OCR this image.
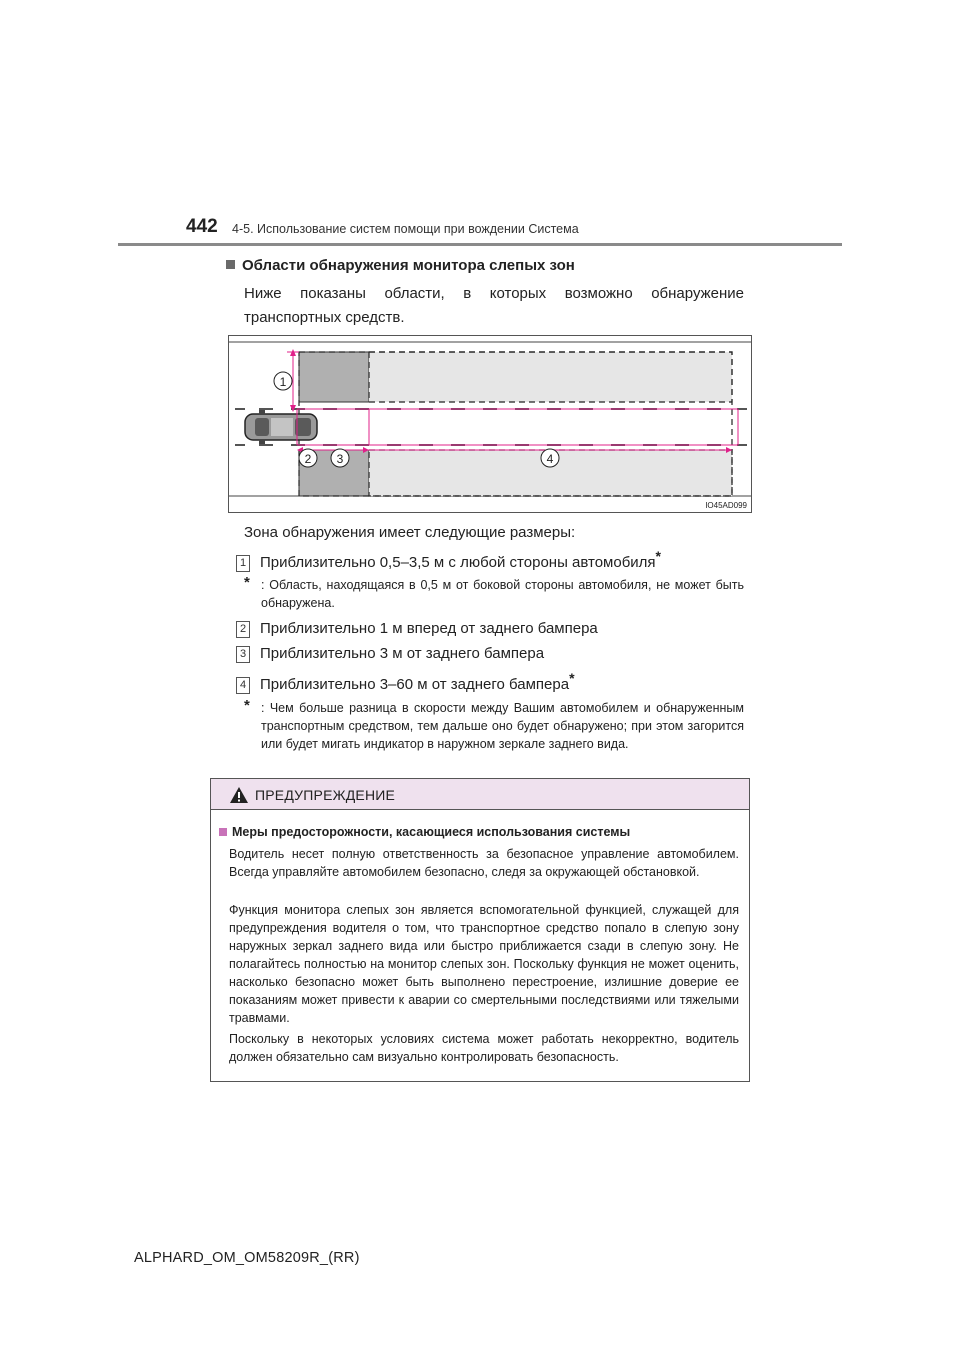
442 4-5. Использование систем помощи при вождении Система
Области обнаружения монитора слепых зон
Ниже показаны области, в которых возможно обнаружение транспортных средств.
1
2 3	4
IO45AD099
Зона обнаружения имеет следующие размеры:
1 Приблизительно 0,5–3,5 м с любой стороны автомобиля*
* : Область, находящаяся в 0,5 м от боковой стороны автомобиля, не может быть обнаружена.
2 Приблизительно 1 м вперед от заднего бампера
3 Приблизительно 3 м от заднего бампера
4 Приблизительно 3–60 м от заднего бампера*
* : Чем больше разница в скорости между Вашим автомобилем и обнаруженным транспортным средством, тем дальше оно будет обнаружено; при этом загорится или будет мигать индикатор в наружном зеркале заднего вида.
ПРЕДУПРЕЖДЕНИЕ
Меры предосторожности, касающиеся использования системы
Водитель несет полную ответственность за безопасное управление автомобилем. Всегда управляйте автомобилем безопасно, следя за окружающей обстановкой.
Функция монитора слепых зон является вспомогательной функцией, служащей для предупреждения водителя о том, что транспортное средство попало в слепую зону наружных зеркал заднего вида или быстро приближается сзади в слепую зону. Не полагайтесь полностью на монитор слепых зон. Поскольку функция не может оценить, насколько безопасно может быть выполнено перестроение, излишние доверие ее показаниям может привести к аварии со смертельными последствиями или тяжелыми травмами.
Поскольку в некоторых условиях система может работать некорректно, водитель должен обязательно сам визуально контролировать безопасность.
ALPHARD_OM_OM58209R_(RR)
